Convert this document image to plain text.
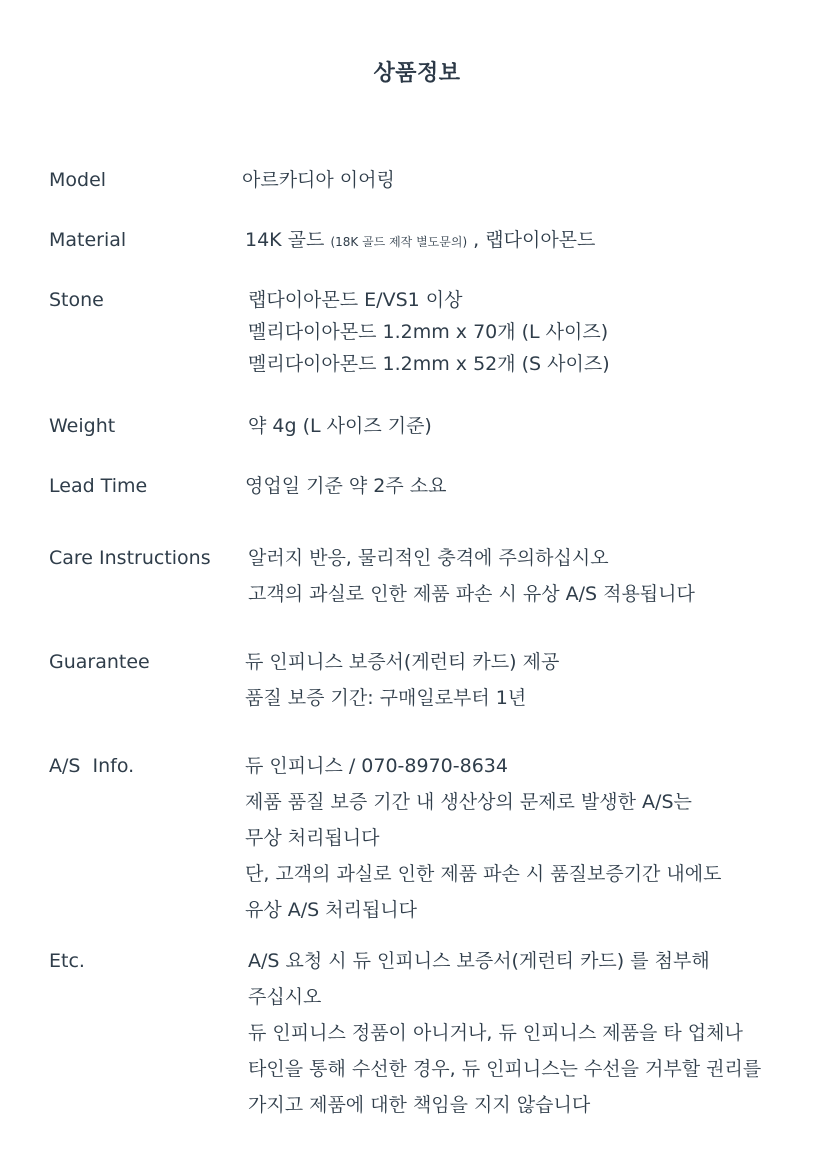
상품정보
Model	아르카디아 이어링
Material	14K 골드 (18K 골드 제작 별도문의) , 랩다이아몬드
Stone	랩다이아몬드 E/VS1 이상
멜리다이아몬드 1.2mm x 70개 (L 사이즈)
멜리다이아몬드 1.2mm x 52개 (S 사이즈)
Weight	약 4g (L 사이즈 기준)
Lead Time	영업일 기준 약 2주 소요
Care Instructions 알러지 반응, 물리적인 충격에 주의하십시오
고객의 과실로 인한 제품 파손 시 유상 A/S 적용됩니다
Guarantee	듀 인피니스 보증서(게런티 카드) 제공
품질 보증 기간: 구매일로부터 1년
A/S  Info.	듀 인피니스 / 070-8970-8634
제품 품질 보증 기간 내 생산상의 문제로 발생한 A/S는
무상 처리됩니다
단, 고객의 과실로 인한 제품 파손 시 품질보증기간 내에도
유상 A/S 처리됩니다
Etc.	A/S 요청 시 듀 인피니스 보증서(게런티 카드) 를 첨부해
주십시오
듀 인피니스 정품이 아니거나, 듀 인피니스 제품을 타 업체나
타인을 통해 수선한 경우, 듀 인피니스는 수선을 거부할 권리를
가지고 제품에 대한 책임을 지지 않습니다
